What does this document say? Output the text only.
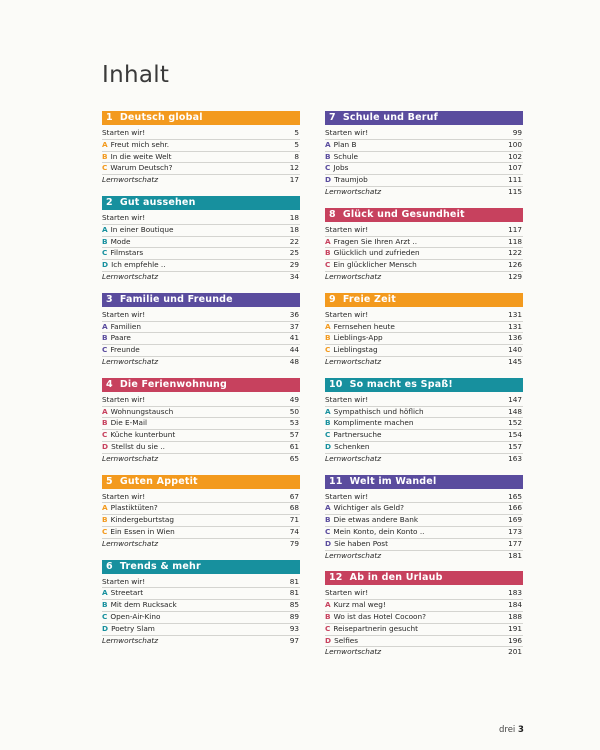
Inhalt
1 Deutsch global
Starten wir!	5
A Freut mich sehr.	5
B In die weite Welt	8
C Warum Deutsch?	12
Lernwortschatz	17
2 Gut aussehen
Starten wir!	18
A In einer Boutique	18
B Mode	22
C Filmstars	25
D Ich empfehle ..	29
Lernwortschatz	34
3 Familie und Freunde
Starten wir!	36
A Familien	37
B Paare	41
C Freunde	44
Lernwortschatz	48
4 Die Ferienwohnung
Starten wir!	49
A Wohnungstausch	50
B Die E-Mail	53
C Küche kunterbunt	57
D Stellst du sie ..	61
Lernwortschatz	65
5 Guten Appetit
Starten wir!	67
A Plastiktüten?	68
B Kindergeburtstag	71
C Ein Essen in Wien	74
Lernwortschatz	79
6 Trends & mehr
Starten wir!	81
A Streetart	81
B Mit dem Rucksack	85
C Open-Air-Kino	89
D Poetry Slam	93
Lernwortschatz	97
7 Schule und Beruf
Starten wir!	99
A Plan B	100
B Schule	102
C Jobs	107
D Traumjob	111
Lernwortschatz	115
8 Glück und Gesundheit
Starten wir!	117
A Fragen Sie Ihren Arzt ..	118
B Glücklich und zufrieden	122
C Ein glücklicher Mensch	126
Lernwortschatz	129
9 Freie Zeit
Starten wir!	131
A Fernsehen heute	131
B Lieblings-App	136
C Lieblingstag	140
Lernwortschatz	145
10 So macht es Spaß!
Starten wir!	147
A Sympathisch und höflich	148
B Komplimente machen	152
C Partnersuche	154
D Schenken	157
Lernwortschatz	163
11 Welt im Wandel
Starten wir!	165
A Wichtiger als Geld?	166
B Die etwas andere Bank	169
C Mein Konto, dein Konto ..	173
D Sie haben Post	177
Lernwortschatz	181
12 Ab in den Urlaub
Starten wir!	183
A Kurz mal weg!	184
B Wo ist das Hotel Cocoon?	188
C Reisepartnerin gesucht	191
D Selfies	196
Lernwortschatz	201
drei 3
